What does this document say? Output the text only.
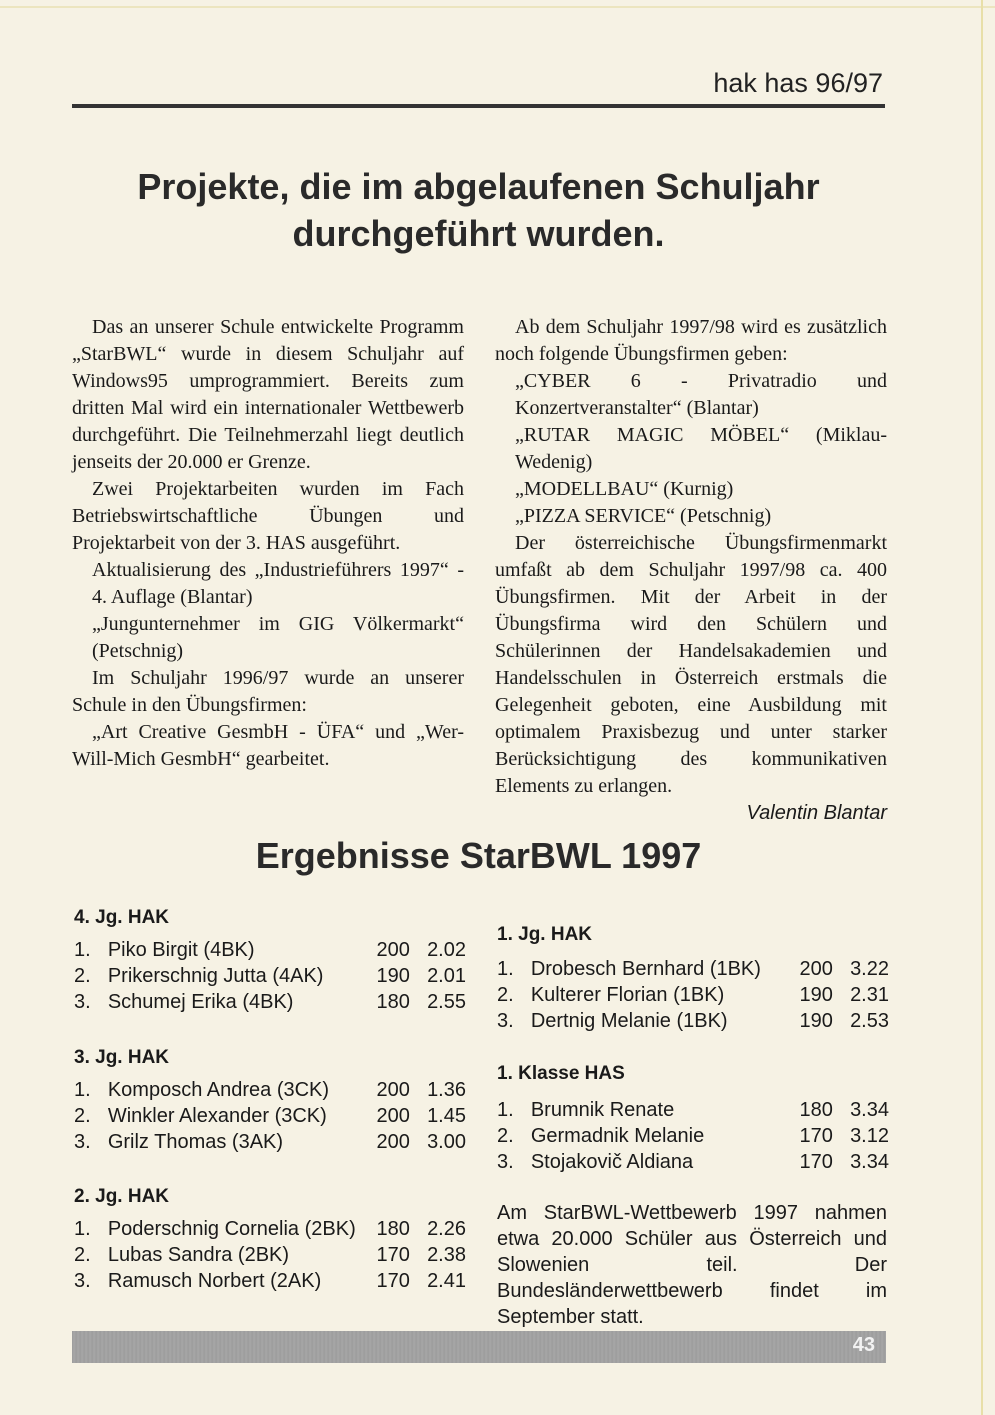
hak has 96/97
Projekte, die im abgelaufenen Schuljahr
durchgeführt wurden.

Das an unserer Schule entwickelte Programm „StarBWL“ wurde in diesem Schuljahr auf Windows95 umprogrammiert. Bereits zum dritten Mal wird ein internationaler Wettbewerb durchgeführt. Die Teilnehmerzahl liegt deutlich jenseits der 20.000 er Grenze.

Zwei Projektarbeiten wurden im Fach Betriebswirtschaftliche Übungen und Projektarbeit von der 3. HAS ausgeführt.

Aktualisierung des „Industrieführers 1997“ - 4. Auflage (Blantar)

„Jungunternehmer im GIG Völkermarkt“ (Petschnig)

Im Schuljahr 1996/97 wurde an unserer Schule in den Übungsfirmen:

„Art Creative GesmbH - ÜFA“ und „Wer-Will-Mich GesmbH“ gearbeitet.

Ab dem Schuljahr 1997/98 wird es zusätzlich noch folgende Übungsfirmen geben:

„CYBER 6 - Privatradio und Konzertveranstalter“ (Blantar)

„RUTAR MAGIC MÖBEL“ (Miklau-Wedenig)

„MODELLBAU“ (Kurnig)

„PIZZA SERVICE“ (Petschnig)

Der österreichische Übungsfirmenmarkt umfaßt ab dem Schuljahr 1997/98 ca. 400 Übungsfirmen. Mit der Arbeit in der Übungsfirma wird den Schülern und Schülerinnen der Handelsakademien und Handelsschulen in Österreich erstmals die Gelegenheit geboten, eine Ausbildung mit optimalem Praxisbezug und unter starker Berücksichtigung des kommunikativen Elements zu erlangen.

Valentin Blantar
Ergebnisse StarBWL 1997
4. Jg. HAK
1. Piko Birgit (4BK)	200 2.02
2. Prikerschnig Jutta (4AK)	190 2.01
3. Schumej Erika (4BK)	180 2.55
3. Jg. HAK
1. Komposch Andrea (3CK)	200 1.36
2. Winkler Alexander (3CK)	200 1.45
3. Grilz Thomas (3AK)	200 3.00
2. Jg. HAK
1. Poderschnig Cornelia (2BK)	180 2.26
2. Lubas Sandra (2BK)	170 2.38
3. Ramusch Norbert (2AK)	170 2.41
1. Jg. HAK
1. Drobesch Bernhard (1BK)	200 3.22
2. Kulterer Florian (1BK)	190 2.31
3. Dertnig Melanie (1BK)	190 2.53
1. Klasse HAS
1. Brumnik Renate	180 3.34
2. Germadnik Melanie	170 3.12
3. Stojakovič Aldiana	170 3.34
Am StarBWL-Wettbewerb 1997 nahmen etwa 20.000 Schüler aus Österreich und Slowenien teil. Der Bundesländerwettbewerb findet im September statt.
43
